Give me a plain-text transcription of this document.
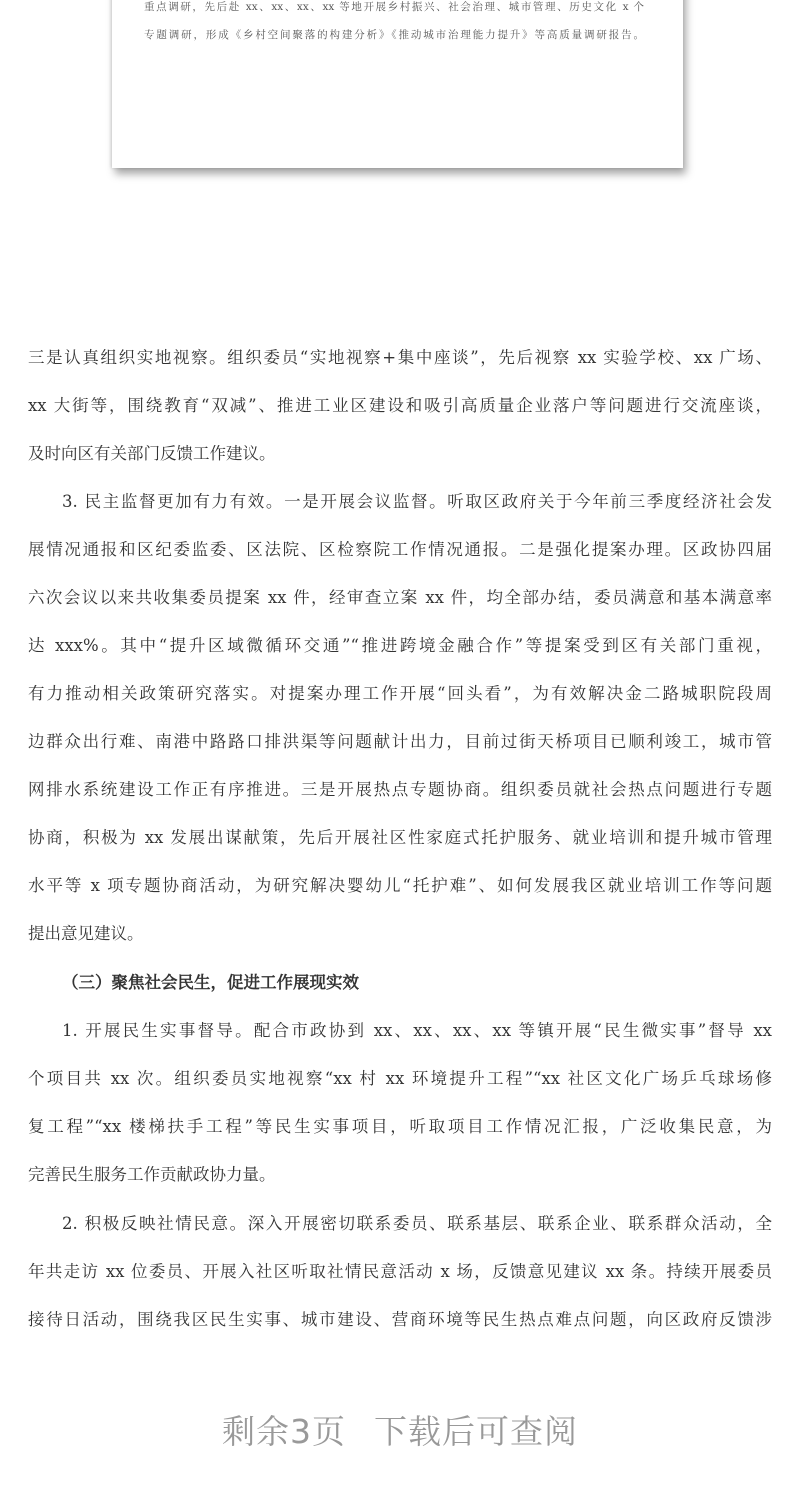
重点调研，先后赴 xx、xx、xx、xx 等地开展乡村振兴、社会治理、城市管理、历史文化 x 个
专题调研，形成《乡村空间聚落的构建分析》《推动城市治理能力提升》等高质量调研报告。
三是认真组织实地视察。组织委员“实地视察+集中座谈”，先后视察 xx 实验学校、xx 广场、
xx 大街等，围绕教育“双减”、推进工业区建设和吸引高质量企业落户等问题进行交流座谈，
及时向区有关部门反馈工作建议。
3. 民主监督更加有力有效。一是开展会议监督。听取区政府关于今年前三季度经济社会发
展情况通报和区纪委监委、区法院、区检察院工作情况通报。二是强化提案办理。区政协四届
六次会议以来共收集委员提案 xx 件，经审查立案 xx 件，均全部办结，委员满意和基本满意率
达 xxx%。其中“提升区域微循环交通”“推进跨境金融合作”等提案受到区有关部门重视，
有力推动相关政策研究落实。对提案办理工作开展“回头看”，为有效解决金二路城职院段周
边群众出行难、南港中路路口排洪渠等问题献计出力，目前过街天桥项目已顺利竣工，城市管
网排水系统建设工作正有序推进。三是开展热点专题协商。组织委员就社会热点问题进行专题
协商，积极为 xx 发展出谋献策，先后开展社区性家庭式托护服务、就业培训和提升城市管理
水平等 x 项专题协商活动，为研究解决婴幼儿“托护难”、如何发展我区就业培训工作等问题
提出意见建议。
（三）聚焦社会民生，促进工作展现实效
1. 开展民生实事督导。配合市政协到 xx、xx、xx、xx 等镇开展“民生微实事”督导 xx
个项目共 xx 次。组织委员实地视察“xx 村 xx 环境提升工程”“xx 社区文化广场乒乓球场修
复工程”“xx 楼梯扶手工程”等民生实事项目，听取项目工作情况汇报，广泛收集民意，为
完善民生服务工作贡献政协力量。
2. 积极反映社情民意。深入开展密切联系委员、联系基层、联系企业、联系群众活动，全
年共走访 xx 位委员、开展入社区听取社情民意活动 x 场，反馈意见建议 xx 条。持续开展委员
接待日活动，围绕我区民生实事、城市建设、营商环境等民生热点难点问题，向区政府反馈涉
剩余3页 下载后可查阅
